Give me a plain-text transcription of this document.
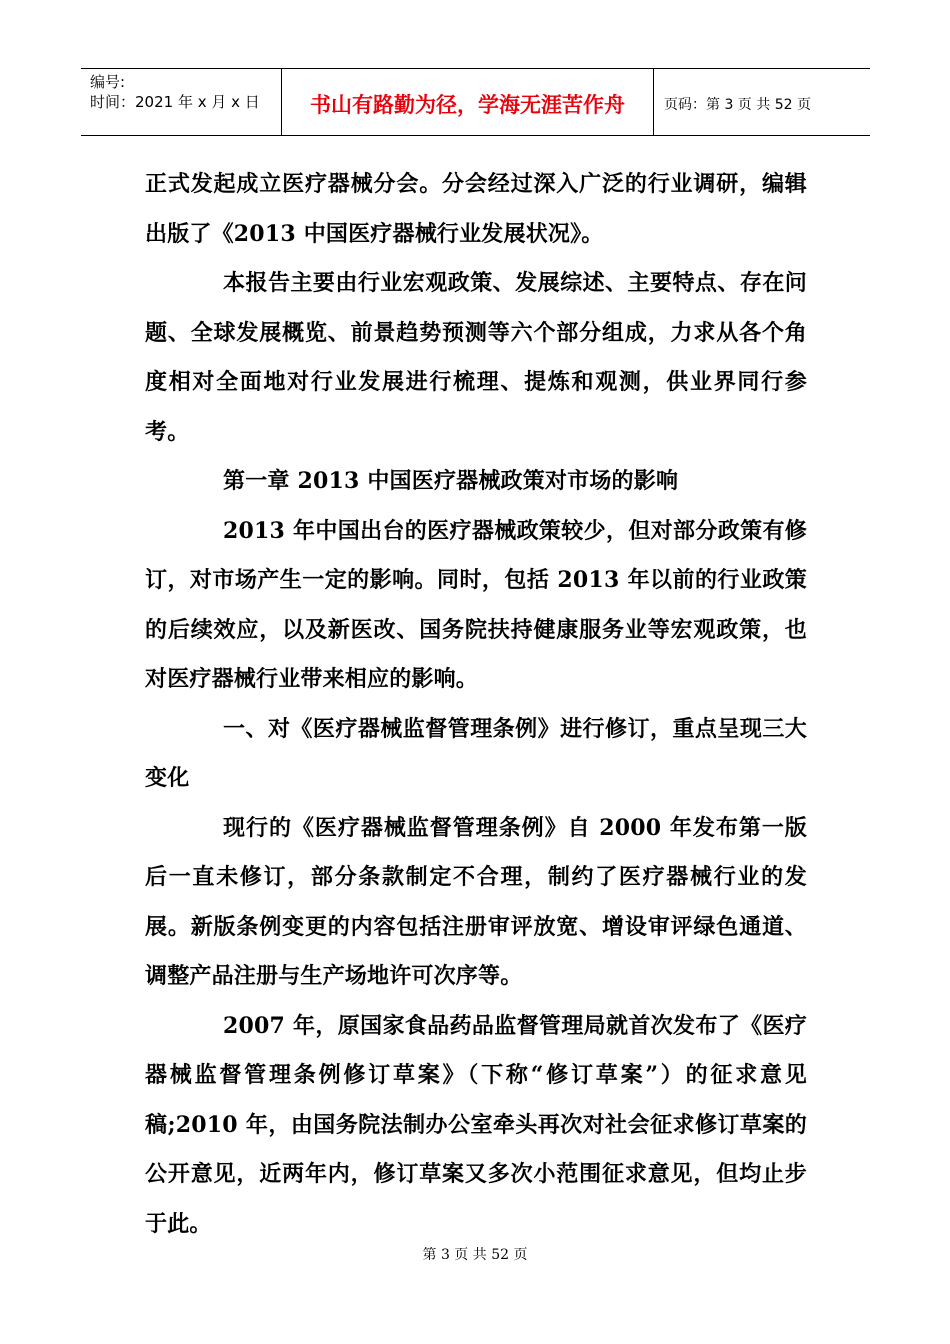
编号:
时间：2021 年 x 月 x 日	书山有路勤为径，学海无涯苦作舟	页码：第 3 页 共 52 页

正式发起成立医疗器械分会。分会经过深入广泛的行业调研，编辑出版了《2013 中国医疗器械行业发展状况》。

本报告主要由行业宏观政策、发展综述、主要特点、存在问题、全球发展概览、前景趋势预测等六个部分组成，力求从各个角度相对全面地对行业发展进行梳理、提炼和观测，供业界同行参考。

第一章 2013 中国医疗器械政策对市场的影响

2013 年中国出台的医疗器械政策较少，但对部分政策有修订，对市场产生一定的影响。同时，包括 2013 年以前的行业政策的后续效应，以及新医改、国务院扶持健康服务业等宏观政策，也对医疗器械行业带来相应的影响。

一、对《医疗器械监督管理条例》进行修订，重点呈现三大变化

现行的《医疗器械监督管理条例》自 2000 年发布第一版后一直未修订，部分条款制定不合理，制约了医疗器械行业的发展。新版条例变更的内容包括注册审评放宽、增设审评绿色通道、调整产品注册与生产场地许可次序等。

2007 年，原国家食品药品监督管理局就首次发布了《医疗器械监督管理条例修订草案》（下称“修订草案”）的征求意见稿;2010 年，由国务院法制办公室牵头再次对社会征求修订草案的公开意见，近两年内，修订草案又多次小范围征求意见，但均止步于此。

第 3 页 共 52 页
